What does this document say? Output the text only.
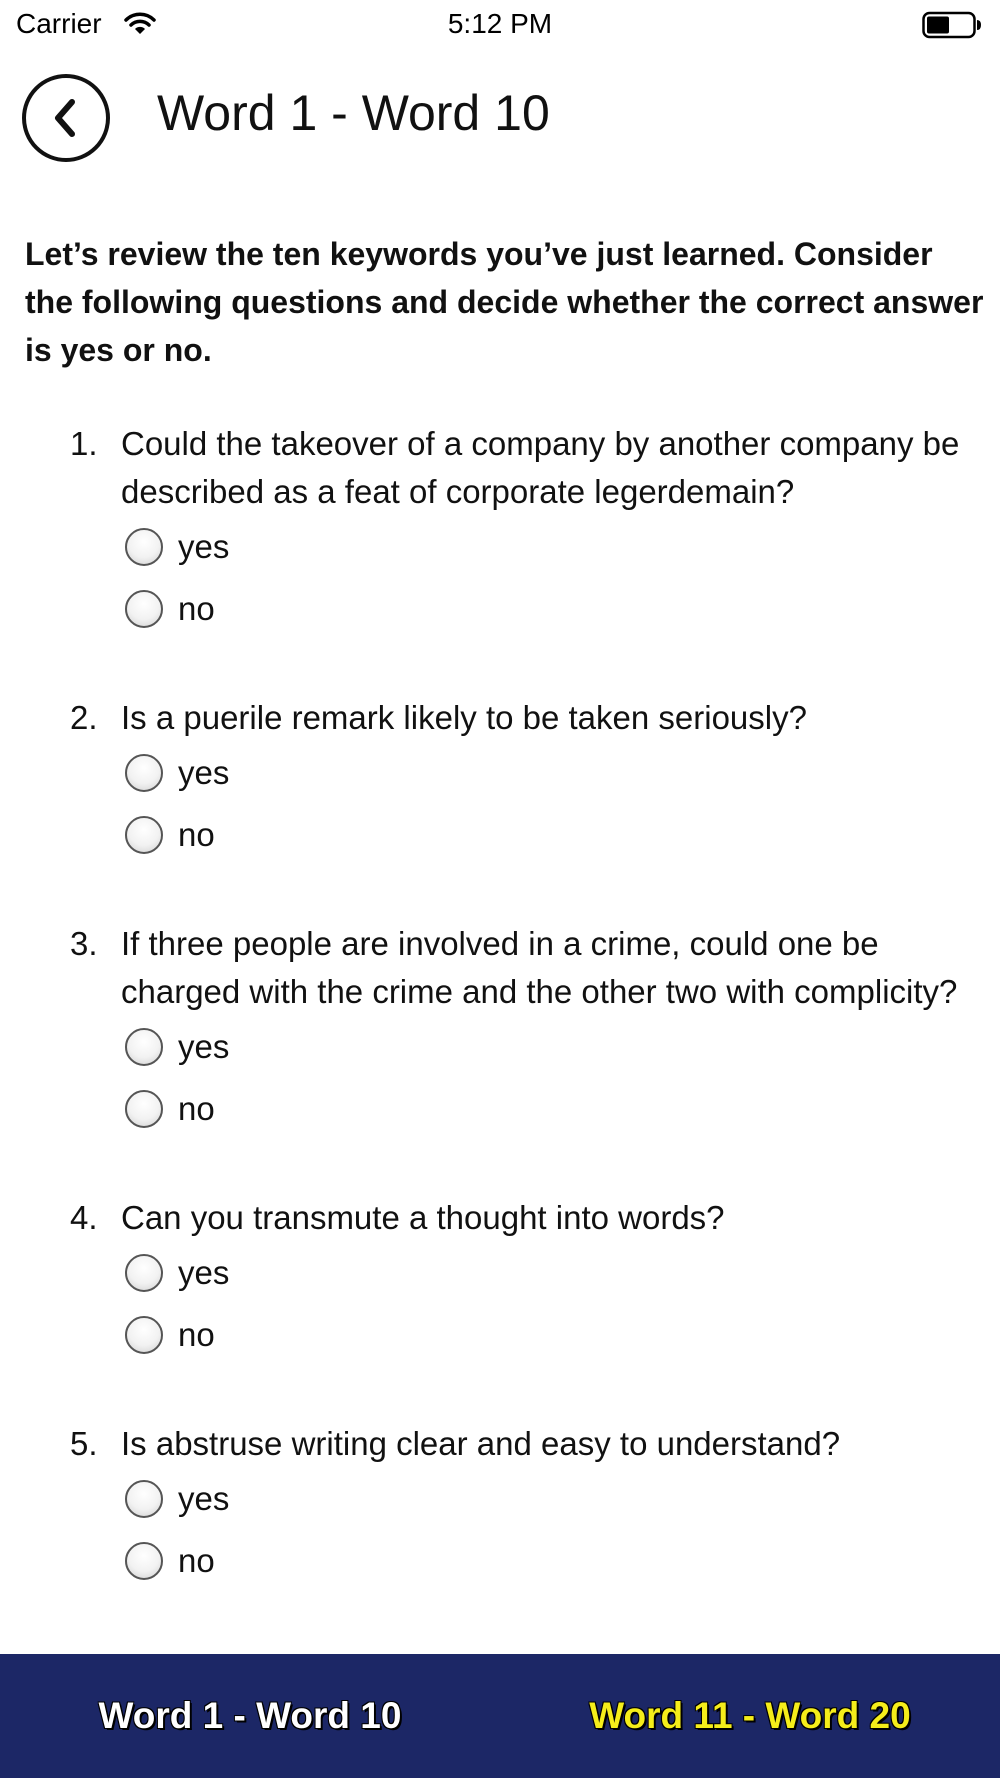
Carrier	5:12 PM
Word 1 - Word 10

Let’s review the ten keywords you’ve just learned. Consider the following questions and decide whether the correct answer is yes or no.

1. Could the takeover of a company by another company be described as a feat of corporate legerdemain?
yes
no
2. Is a puerile remark likely to be taken seriously?
yes
no
3. If three people are involved in a crime, could one be charged with the crime and the other two with complicity?
yes
no
4. Can you transmute a thought into words?
yes
no
5. Is abstruse writing clear and easy to understand?
yes
no
Word 1 - Word 10	Word 11 - Word 20
